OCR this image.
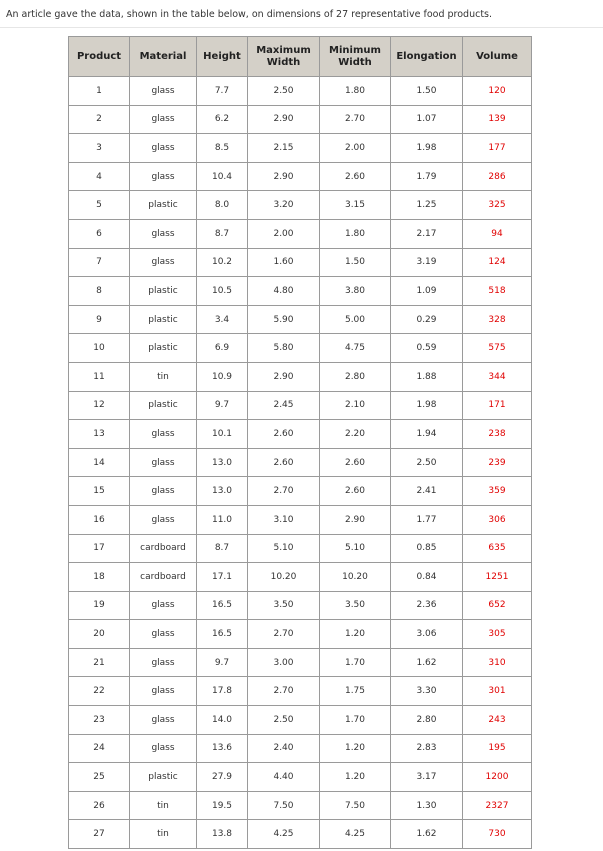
An article gave the data, shown in the table below, on dimensions of 27 representative food products.
Product	Material	Height	Maximum Width	Minimum Width	Elongation	Volume
1	glass	7.7	2.50	1.80	1.50	120
2	glass	6.2	2.90	2.70	1.07	139
3	glass	8.5	2.15	2.00	1.98	177
4	glass	10.4	2.90	2.60	1.79	286
5	plastic	8.0	3.20	3.15	1.25	325
6	glass	8.7	2.00	1.80	2.17	94
7	glass	10.2	1.60	1.50	3.19	124
8	plastic	10.5	4.80	3.80	1.09	518
9	plastic	3.4	5.90	5.00	0.29	328
10	plastic	6.9	5.80	4.75	0.59	575
11	tin	10.9	2.90	2.80	1.88	344
12	plastic	9.7	2.45	2.10	1.98	171
13	glass	10.1	2.60	2.20	1.94	238
14	glass	13.0	2.60	2.60	2.50	239
15	glass	13.0	2.70	2.60	2.41	359
16	glass	11.0	3.10	2.90	1.77	306
17	cardboard	8.7	5.10	5.10	0.85	635
18	cardboard	17.1	10.20	10.20	0.84	1251
19	glass	16.5	3.50	3.50	2.36	652
20	glass	16.5	2.70	1.20	3.06	305
21	glass	9.7	3.00	1.70	1.62	310
22	glass	17.8	2.70	1.75	3.30	301
23	glass	14.0	2.50	1.70	2.80	243
24	glass	13.6	2.40	1.20	2.83	195
25	plastic	27.9	4.40	1.20	3.17	1200
26	tin	19.5	7.50	7.50	1.30	2327
27	tin	13.8	4.25	4.25	1.62	730
